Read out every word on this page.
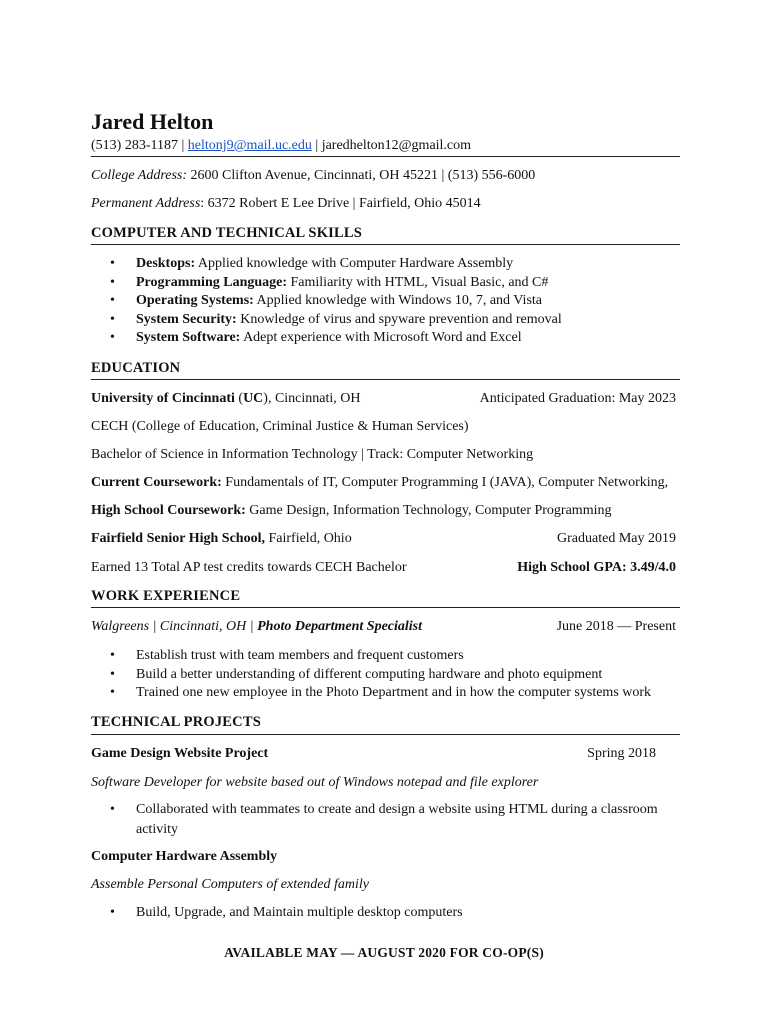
Jared Helton
(513) 283-1187 | heltonj9@mail.uc.edu | jaredhelton12@gmail.com
College Address: 2600 Clifton Avenue, Cincinnati, OH 45221 | (513) 556-6000
Permanent Address: 6372 Robert E Lee Drive | Fairfield, Ohio 45014
COMPUTER AND TECHNICAL SKILLS
• Desktops: Applied knowledge with Computer Hardware Assembly
• Programming Language: Familiarity with HTML, Visual Basic, and C#
• Operating Systems: Applied knowledge with Windows 10, 7, and Vista
• System Security: Knowledge of virus and spyware prevention and removal
• System Software: Adept experience with Microsoft Word and Excel
EDUCATION
University of Cincinnati (UC), Cincinnati, OH	Anticipated Graduation: May 2023
CECH (College of Education, Criminal Justice & Human Services)
Bachelor of Science in Information Technology | Track: Computer Networking
Current Coursework: Fundamentals of IT, Computer Programming I (JAVA), Computer Networking,
High School Coursework: Game Design, Information Technology, Computer Programming
Fairfield Senior High School, Fairfield, Ohio	Graduated May 2019
Earned 13 Total AP test credits towards CECH Bachelor	High School GPA: 3.49/4.0
WORK EXPERIENCE
Walgreens | Cincinnati, OH | Photo Department Specialist	June 2018 — Present
• Establish trust with team members and frequent customers
• Build a better understanding of different computing hardware and photo equipment
• Trained one new employee in the Photo Department and in how the computer systems work
TECHNICAL PROJECTS
Game Design Website Project	Spring 2018
Software Developer for website based out of Windows notepad and file explorer
• Collaborated with teammates to create and design a website using HTML during a classroom
activity
Computer Hardware Assembly
Assemble Personal Computers of extended family
• Build, Upgrade, and Maintain multiple desktop computers
AVAILABLE MAY — AUGUST 2020 FOR CO-OP(S)
